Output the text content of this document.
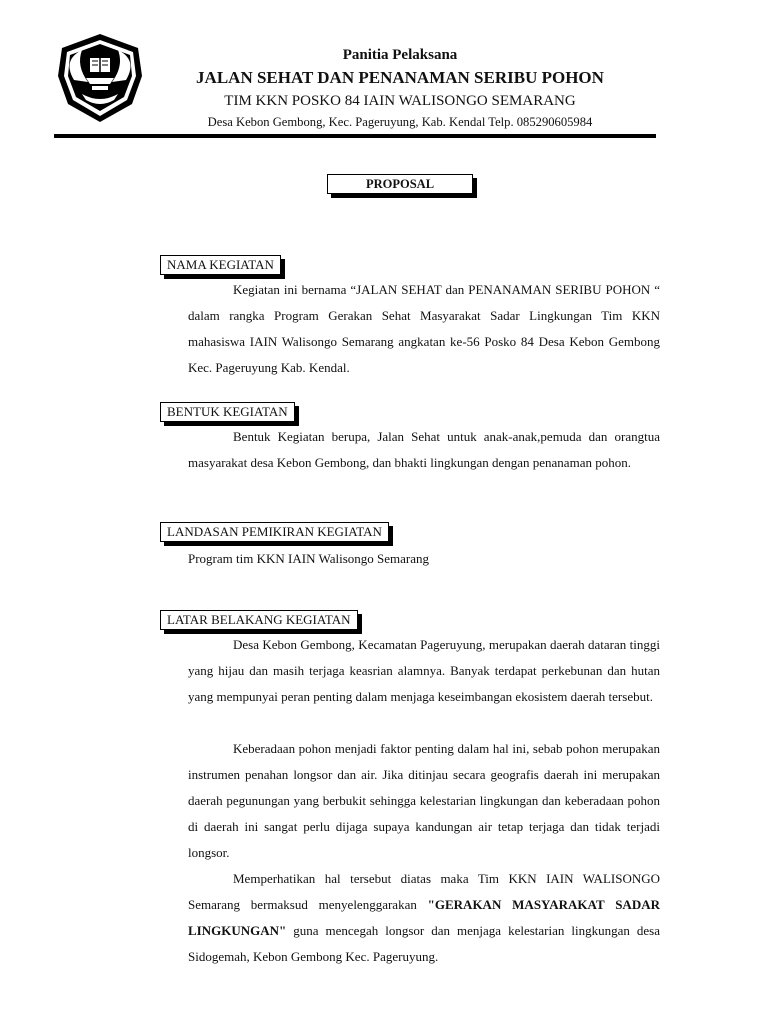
Panitia Pelaksana
JALAN SEHAT DAN PENANAMAN SERIBU POHON
TIM KKN POSKO 84 IAIN WALISONGO SEMARANG
Desa Kebon Gembong, Kec. Pageruyung, Kab. Kendal Telp. 085290605984
PROPOSAL
NAMA KEGIATAN

Kegiatan ini bernama “JALAN SEHAT dan PENANAMAN SERIBU POHON “ dalam rangka Program Gerakan Sehat Masyarakat Sadar Lingkungan Tim KKN mahasiswa IAIN Walisongo Semarang angkatan ke-56 Posko 84 Desa Kebon Gembong Kec. Pageruyung Kab. Kendal.

BENTUK KEGIATAN

Bentuk Kegiatan berupa, Jalan Sehat untuk anak-anak,pemuda dan orangtua masyarakat desa Kebon Gembong, dan bhakti lingkungan dengan penanaman pohon.

LANDASAN PEMIKIRAN KEGIATAN

Program tim KKN IAIN Walisongo Semarang

LATAR BELAKANG KEGIATAN

Desa Kebon Gembong, Kecamatan Pageruyung, merupakan daerah dataran tinggi yang hijau dan masih terjaga keasrian alamnya. Banyak terdapat perkebunan dan hutan yang mempunyai peran penting dalam menjaga keseimbangan ekosistem daerah tersebut.

Keberadaan pohon menjadi faktor penting dalam hal ini, sebab pohon merupakan instrumen penahan longsor dan air. Jika ditinjau secara geografis daerah ini merupakan daerah pegunungan yang berbukit sehingga kelestarian lingkungan dan keberadaan pohon di daerah ini sangat perlu dijaga supaya kandungan air tetap terjaga dan tidak terjadi longsor.

Memperhatikan hal tersebut diatas maka Tim KKN IAIN WALISONGO Semarang bermaksud menyelenggarakan "GERAKAN MASYARAKAT SADAR LINGKUNGAN" guna mencegah longsor dan menjaga kelestarian lingkungan desa Sidogemah, Kebon Gembong Kec. Pageruyung.
